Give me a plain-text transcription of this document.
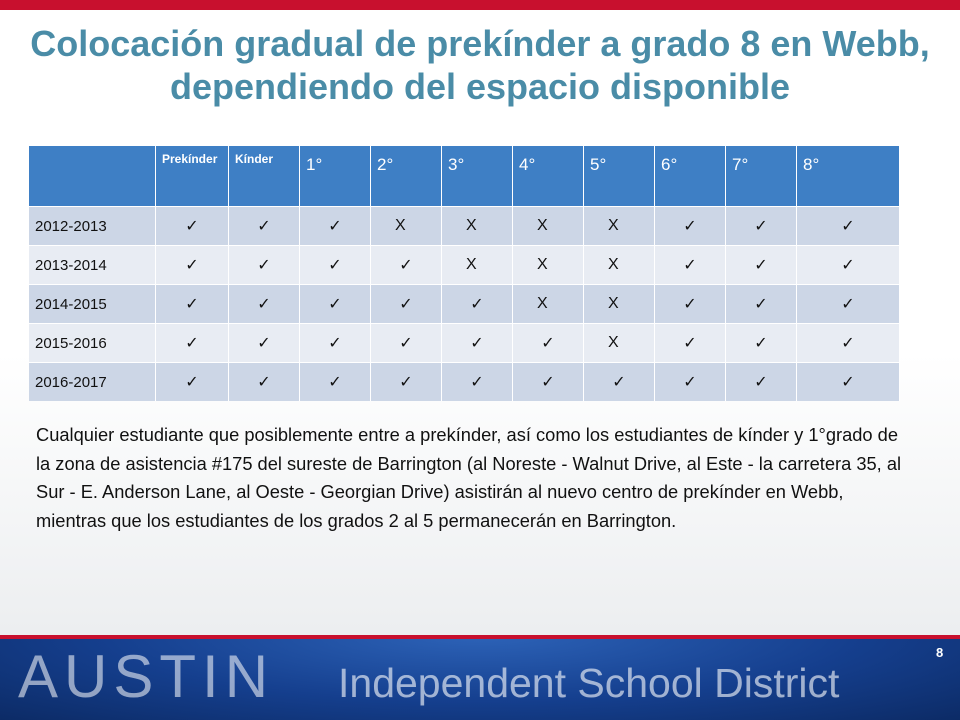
Colocación gradual de prekínder a grado 8 en Webb, dependiendo del espacio disponible
	Prekínder	Kínder	1°	2°	3°	4°	5°	6°	7°	8°
2012-2013	✓	✓	✓	X	X	X	X	✓	✓	✓
2013-2014	✓	✓	✓	✓	X	X	X	✓	✓	✓
2014-2015	✓	✓	✓	✓	✓	X	X	✓	✓	✓
2015-2016	✓	✓	✓	✓	✓	✓	X	✓	✓	✓
2016-2017	✓	✓	✓	✓	✓	✓	✓	✓	✓	✓

Cualquier estudiante que posiblemente entre a prekínder, así como los estudiantes de kínder y 1°grado de la zona de asistencia #175 del sureste de Barrington (al Noreste - Walnut Drive, al Este - la carretera 35, al Sur - E. Anderson Lane, al Oeste - Georgian Drive) asistirán al nuevo centro de prekínder en Webb, mientras que los estudiantes de los grados 2 al 5 permanecerán en Barrington.

AUSTIN Independent School District
8
